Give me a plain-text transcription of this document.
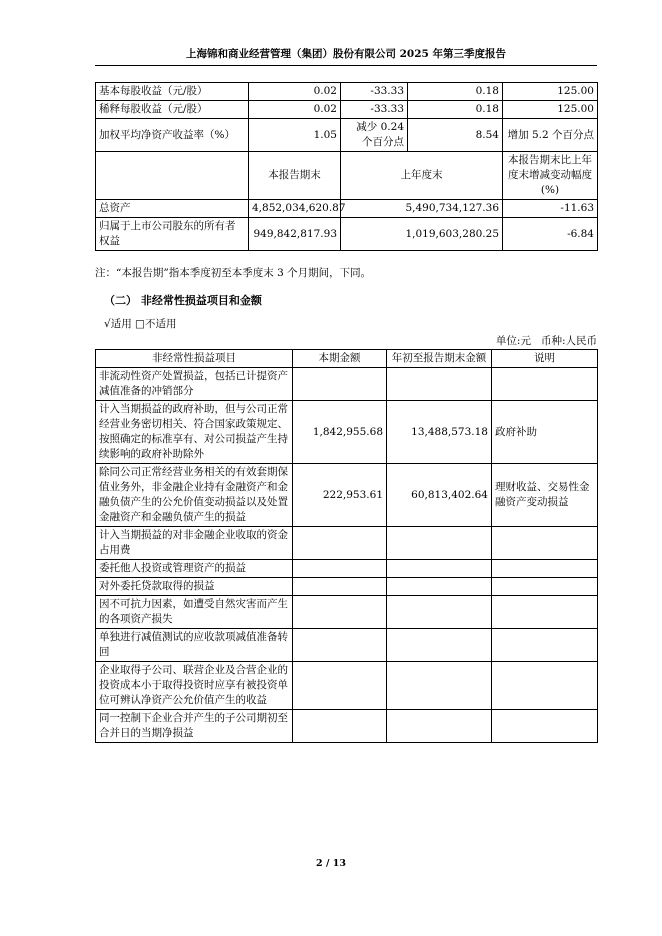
上海锦和商业经营管理（集团）股份有限公司 2025 年第三季度报告
基本每股收益（元/股）	0.02	-33.33	0.18	125.00
稀释每股收益（元/股）	0.02	-33.33	0.18	125.00
加权平均净资产收益率（%）	1.05	减少 0.24 个百分点	8.54	增加 5.2 个百分点
	本报告期末	上年度末		本报告期末比上年度末增减变动幅度(%)
总资产	4,852,034,620.87	5,490,734,127.36		-11.63
归属于上市公司股东的所有者权益	949,842,817.93	1,019,603,280.25		-6.84
注：“本报告期”指本季度初至本季度末 3 个月期间，下同。
（二） 非经常性损益项目和金额
√适用 □不适用
单位:元 币种:人民币
非经常性损益项目	本期金额	年初至报告期末金额	说明
非流动性资产处置损益，包括已计提资产减值准备的冲销部分			
计入当期损益的政府补助，但与公司正常经营业务密切相关、符合国家政策规定、按照确定的标准享有、对公司损益产生持续影响的政府补助除外	1,842,955.68	13,488,573.18	政府补助
除同公司正常经营业务相关的有效套期保值业务外，非金融企业持有金融资产和金融负债产生的公允价值变动损益以及处置金融资产和金融负债产生的损益	222,953.61	60,813,402.64	理财收益、交易性金融资产变动损益
计入当期损益的对非金融企业收取的资金占用费			
委托他人投资或管理资产的损益			
对外委托贷款取得的损益			
因不可抗力因素，如遭受自然灾害而产生的各项资产损失			
单独进行减值测试的应收款项减值准备转回			
企业取得子公司、联营企业及合营企业的投资成本小于取得投资时应享有被投资单位可辨认净资产公允价值产生的收益			
同一控制下企业合并产生的子公司期初至合并日的当期净损益			
2 / 13
